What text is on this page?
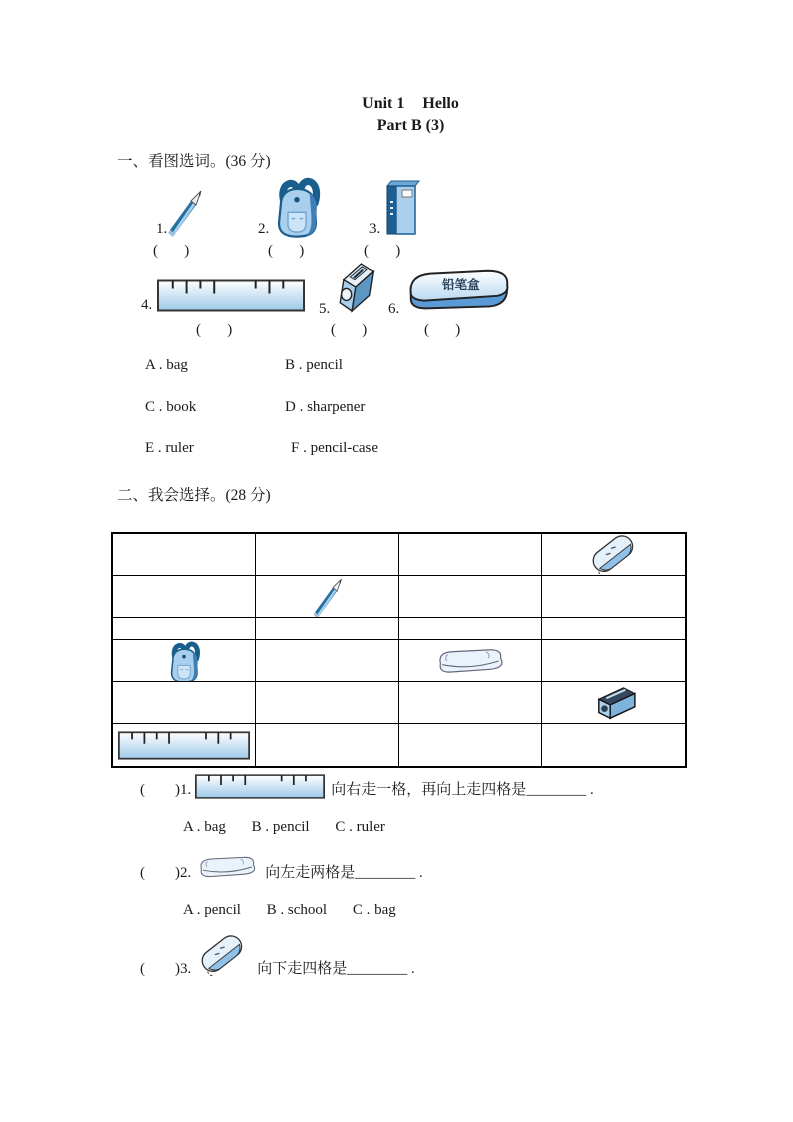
Unit 1 Hello
Part B (3)
一、看图选词。(36 分)
1.
(       )
2.
(       )
3.
(       )
4.
(       )
5.
(       )
6.
(       )
A . bag	B . pencil
C . book	D . sharpener
E . ruler	F . pencil-case
二、我会选择。(28 分)
(        )1.	向右走一格，再向上走四格是________ .
A . bag B . pencil C . ruler
(        )2.	向左走两格是________ .
A . pencil B . school C . bag
(        )3.	向下走四格是________ .
